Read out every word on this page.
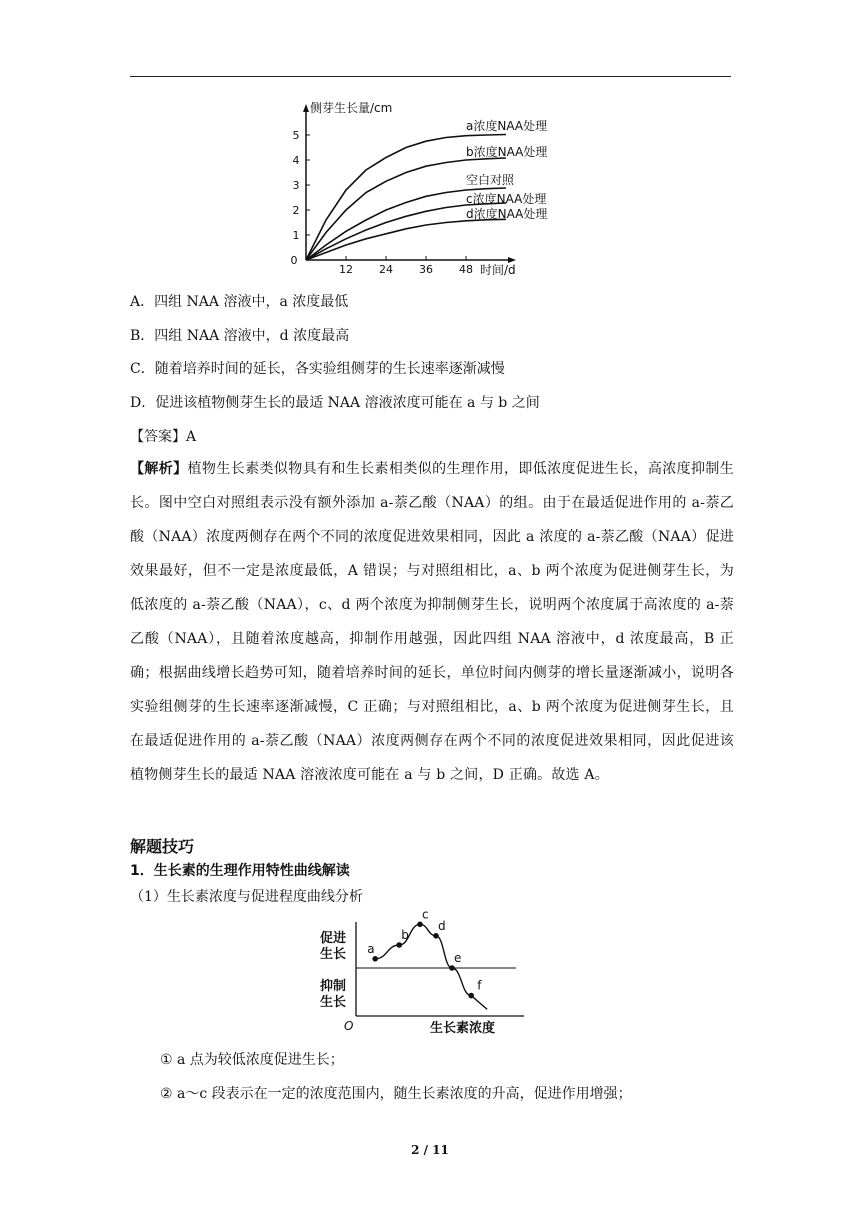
0
1
2
3
4
5
12 24 36 48
侧芽生长量/cm
时间/d
a浓度NAA处理
b浓度NAA处理
空白对照
c浓度NAA处理
d浓度NAA处理
A．四组 NAA 溶液中，a 浓度最低
B．四组 NAA 溶液中，d 浓度最高
C．随着培养时间的延长，各实验组侧芽的生长速率逐渐减慢
D．促进该植物侧芽生长的最适 NAA 溶液浓度可能在 a 与 b 之间
【答案】A
【解析】植物生长素类似物具有和生长素相类似的生理作用，即低浓度促进生长，高浓度抑制生长。图中空白对照组表示没有额外添加 a-萘乙酸（NAA）的组。由于在最适促进作用的 a-萘乙酸（NAA）浓度两侧存在两个不同的浓度促进效果相同，因此 a 浓度的 a-萘乙酸（NAA）促进效果最好，但不一定是浓度最低，A 错误；与对照组相比，a、b 两个浓度为促进侧芽生长，为低浓度的 a-萘乙酸（NAA），c、d 两个浓度为抑制侧芽生长，说明两个浓度属于高浓度的 a-萘乙酸（NAA），且随着浓度越高，抑制作用越强，因此四组 NAA 溶液中，d 浓度最高，B 正确；根据曲线增长趋势可知，随着培养时间的延长，单位时间内侧芽的增长量逐渐减小，说明各实验组侧芽的生长速率逐渐减慢，C 正确；与对照组相比，a、b 两个浓度为促进侧芽生长，且在最适促进作用的 a-萘乙酸（NAA）浓度两侧存在两个不同的浓度促进效果相同，因此促进该植物侧芽生长的最适 NAA 溶液浓度可能在 a 与 b 之间，D 正确。故选 A。
解题技巧
1．生长素的生理作用特性曲线解读
（1）生长素浓度与促进程度曲线分析
a
b
c
d
e
f
促进
生长
抑制
生长
O	生长素浓度
① a 点为较低浓度促进生长；
② a～c 段表示在一定的浓度范围内，随生长素浓度的升高，促进作用增强；
2 / 11
